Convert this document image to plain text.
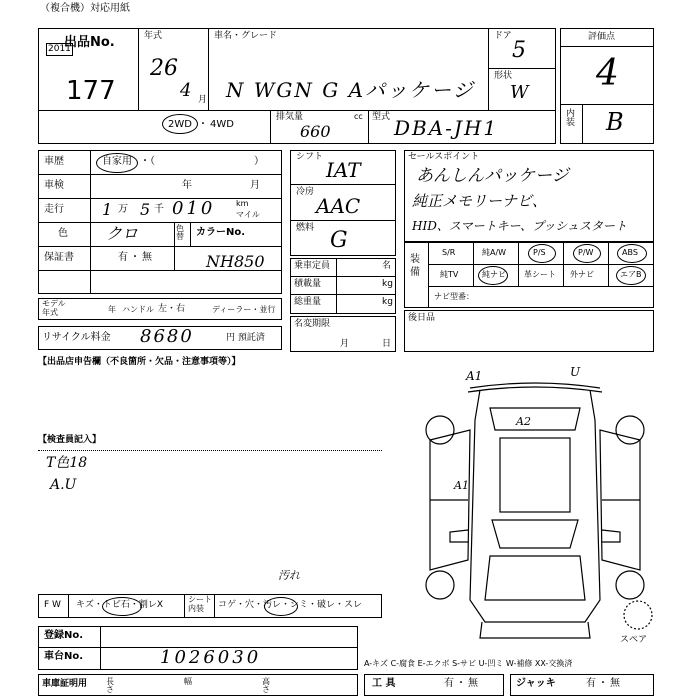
（複合機）対応用紙
出品No.
2011
177
年式
26
4 月
車名・グレード
N WGN G Aパッケージ
ドア
5
形状
W
2WD ・ 4WD
排気量	cc
660
型式 DBA-JH1
評価点
4
内装 B
車歴	自家用 ・（	）
車検	年	月
走行 1 万 5 千 010	km
マイル
色 クロ	色替	カラーNo.
NH850
保証書	有・無
モデル年式	年 ハンドル 左・右	ディーラー・並行
リサイクル料金 8680	円 預託済
シフト
IAT
冷房
AAC
燃料 G
乗車定員	名
積載量	kg
総重量	kg
名変期限
月	日
セールスポイント
あんしんパッケージ
純正メモリーナビ、
HID、スマートキー、プッシュスタート
装備
S/R	純A/W	P/S	P/W	ABS
純TV	純ナビ 革シート 外ナビ	エアB
ナビ型番：
後日品
【出品店申告欄（不良箇所・欠品・注意事項等）】
【検査員記入】
T色18
A.U
A1	U
A2
A1
スペア
F W キズ・トビ石・割レX
シート内装	コゲ・穴・汚レ・シミ・破レ・スレ
汚れ
登録No.
車台No.	1026030	A-キズ C-腐食 E-エクボ S-サビ U-凹ミ W-補修 XX-交換済
車庫証明用 長さ
幅	高さ
工 具	有・無	ジャッキ	有・無
